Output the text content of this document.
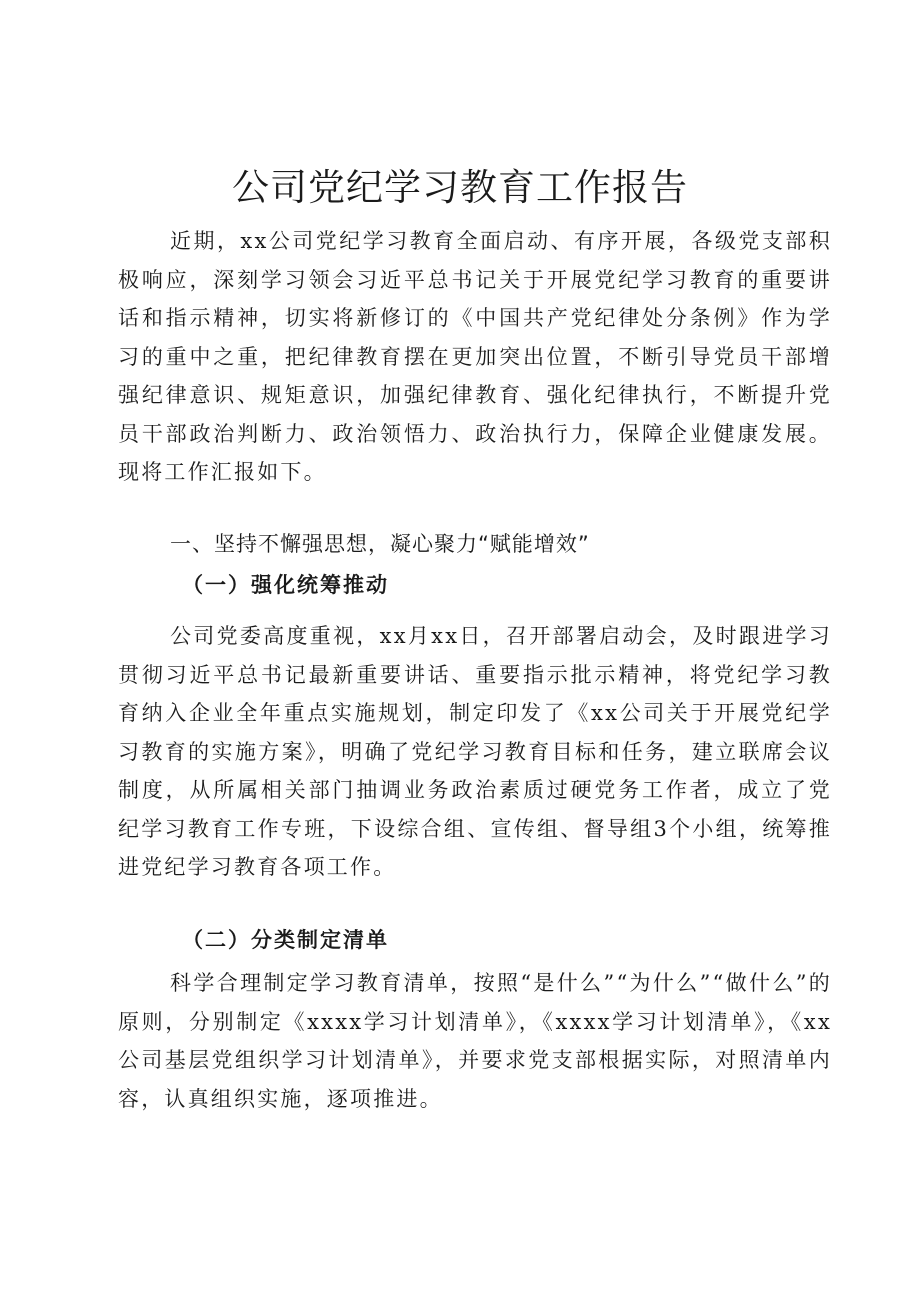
公司党纪学习教育工作报告

近期，xx公司党纪学习教育全面启动、有序开展，各级党支部积极响应，深刻学习领会习近平总书记关于开展党纪学习教育的重要讲话和指示精神，切实将新修订的《中国共产党纪律处分条例》作为学习的重中之重，把纪律教育摆在更加突出位置，不断引导党员干部增强纪律意识、规矩意识，加强纪律教育、强化纪律执行，不断提升党员干部政治判断力、政治领悟力、政治执行力，保障企业健康发展。现将工作汇报如下。

一、坚持不懈强思想，凝心聚力“赋能增效”
（一）强化统筹推动

公司党委高度重视，xx月xx日，召开部署启动会，及时跟进学习贯彻习近平总书记最新重要讲话、重要指示批示精神，将党纪学习教育纳入企业全年重点实施规划，制定印发了《xx公司关于开展党纪学习教育的实施方案》，明确了党纪学习教育目标和任务，建立联席会议制度，从所属相关部门抽调业务政治素质过硬党务工作者，成立了党纪学习教育工作专班，下设综合组、宣传组、督导组3个小组，统筹推进党纪学习教育各项工作。

（二）分类制定清单

科学合理制定学习教育清单，按照“是什么”“为什么”“做什么”的原则，分别制定《xxxx学习计划清单》，《xxxx学习计划清单》，《xx公司基层党组织学习计划清单》，并要求党支部根据实际，对照清单内容，认真组织实施，逐项推进。
